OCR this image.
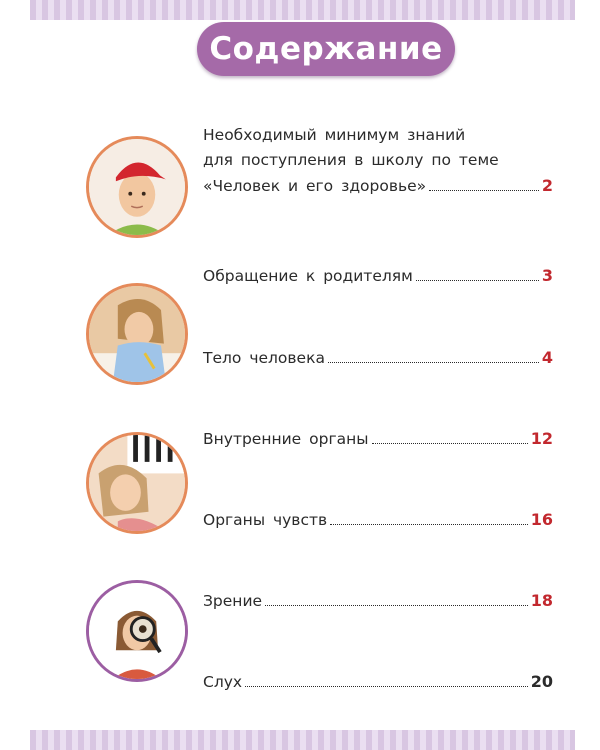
Содержание
Необходимый минимум знаний
для поступления в школу по теме
«Человек и его здоровье»	2
Обращение к родителям	3
Тело человека	4
Внутренние органы	12
Органы чувств	16
Зрение	18
Слух	20
